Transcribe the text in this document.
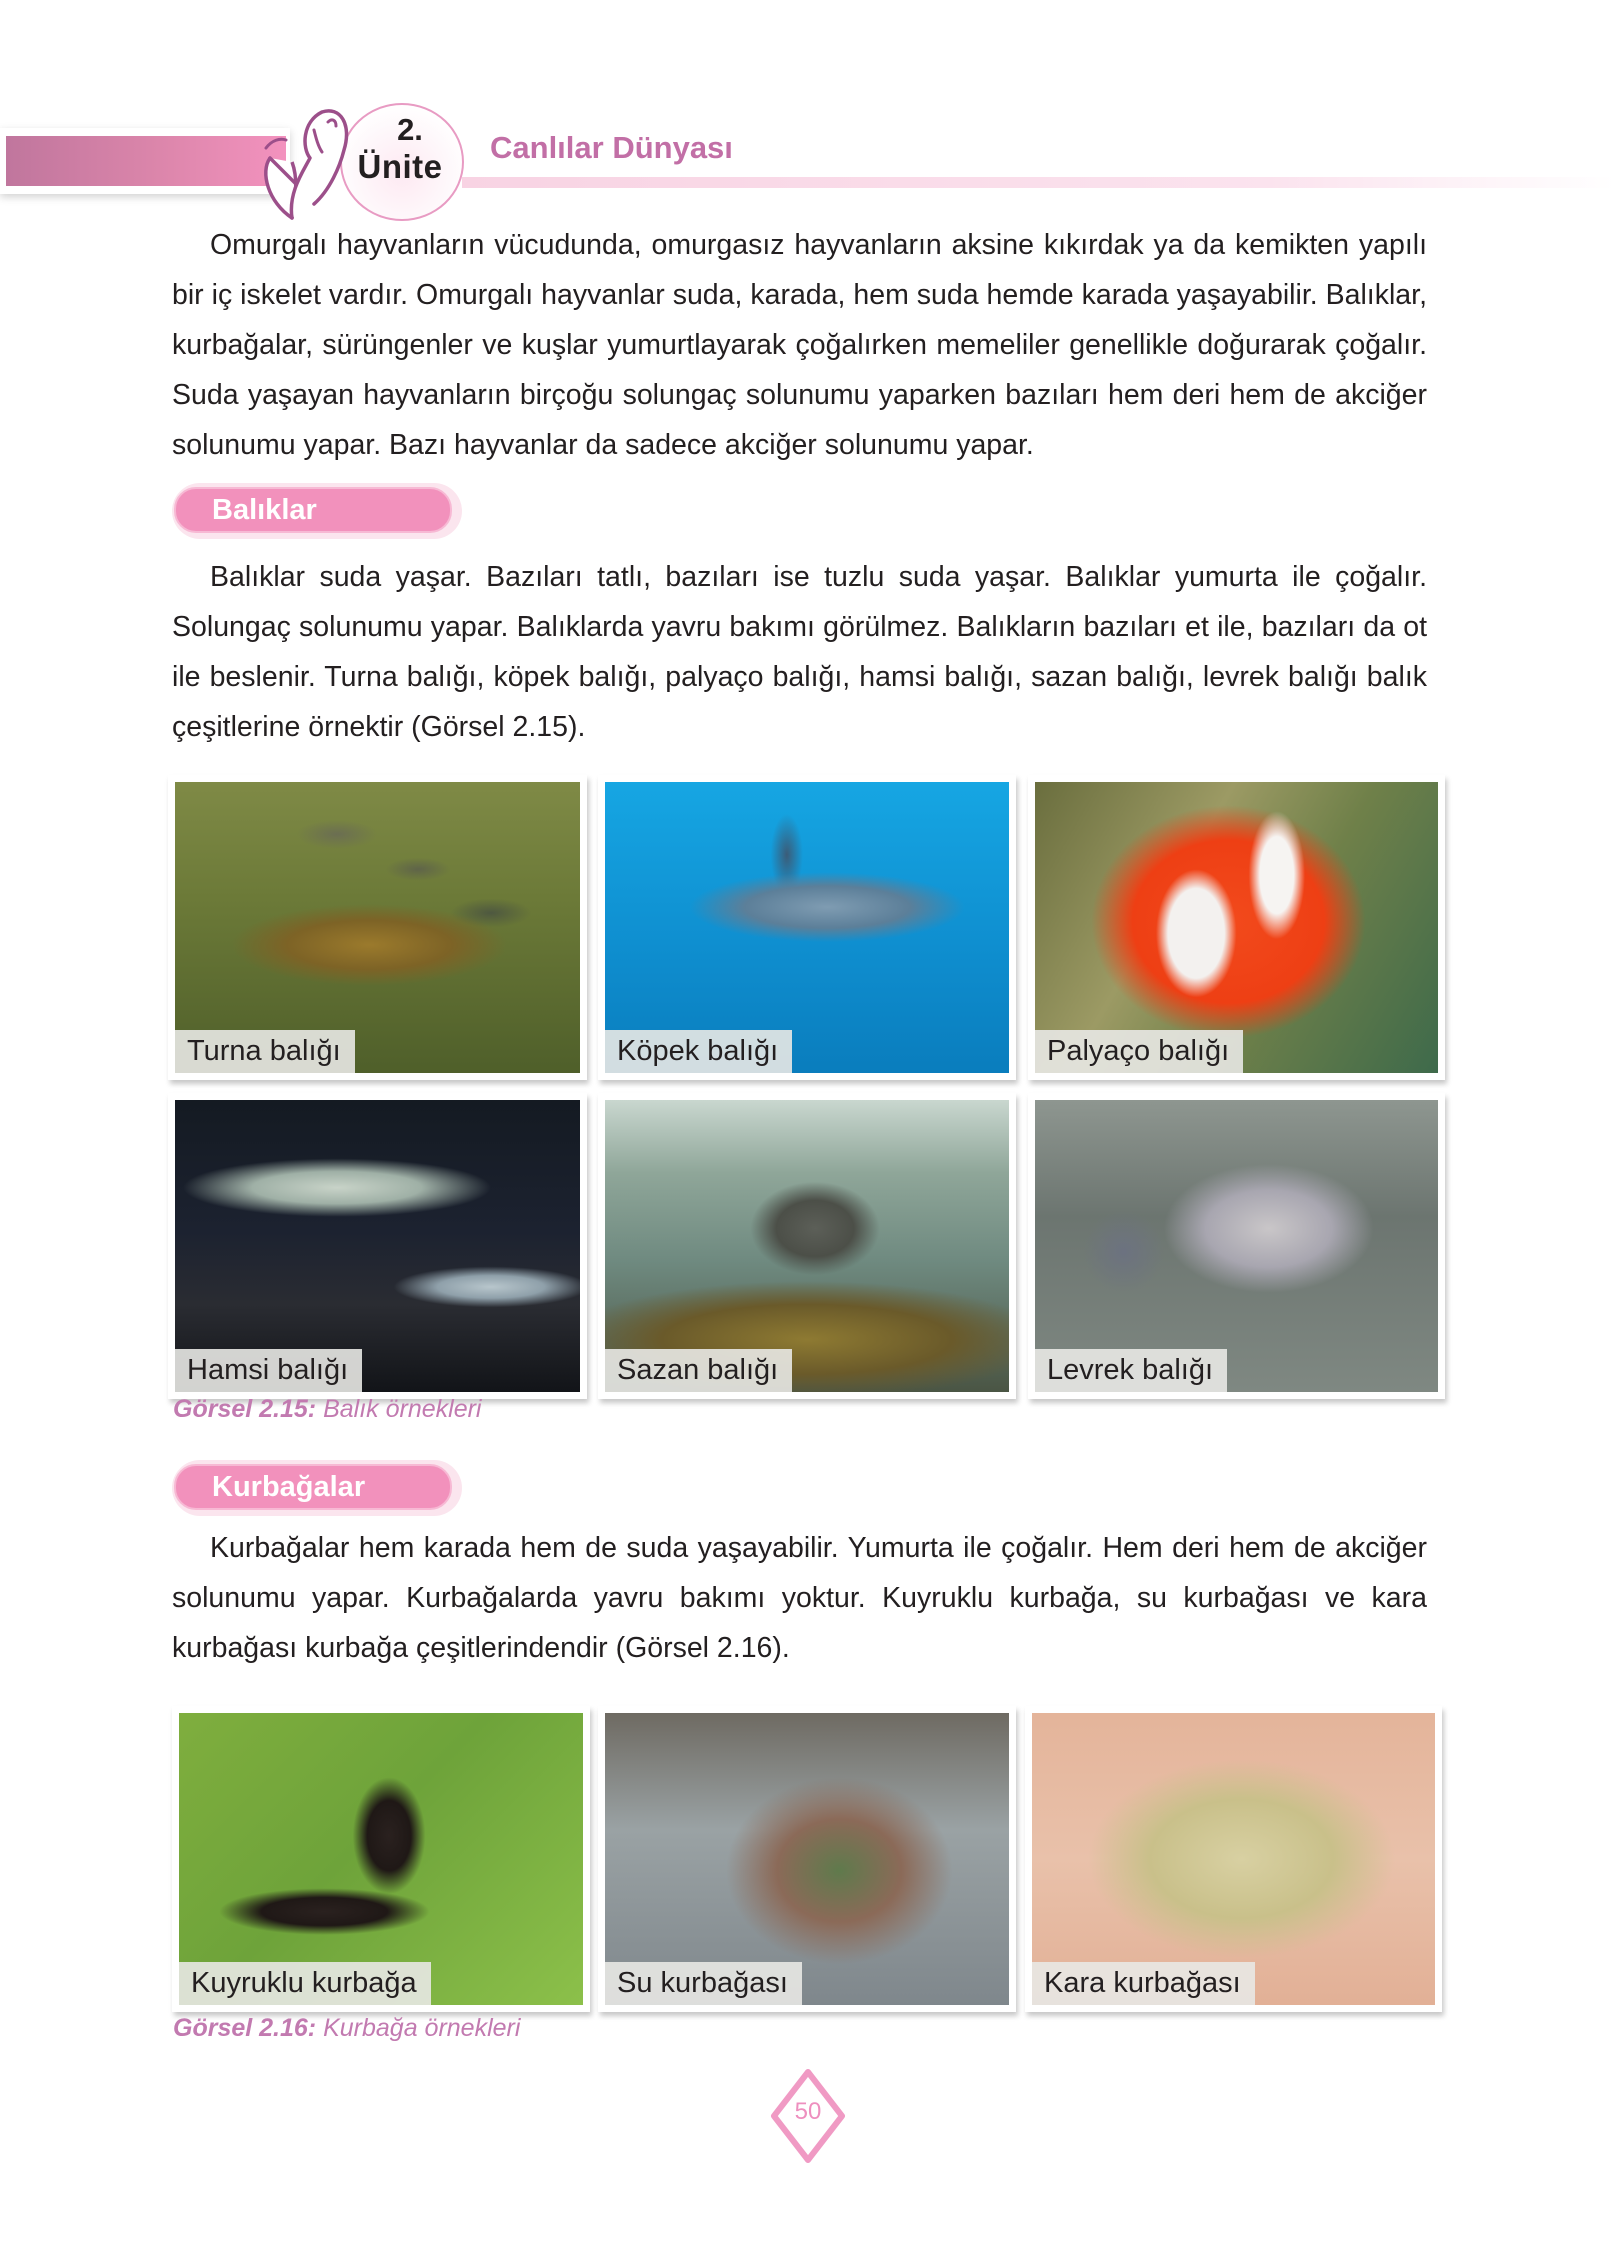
2.
Ünite
Canlılar Dünyası

Omurgalı hayvanların vücudunda, omurgasız hayvanların aksine kıkırdak ya da kemikten yapılı bir iç iskelet vardır. Omurgalı hayvanlar suda, karada, hem suda hemde karada yaşayabilir. Balıklar, kurbağalar, sürüngenler ve kuşlar yumurtlayarak çoğalırken memeliler genellikle doğurarak çoğalır. Suda yaşayan hayvanların birçoğu solungaç solunumu yaparken bazıları hem deri hem de akciğer solunumu yapar. Bazı hayvanlar da sadece akciğer solunumu yapar.

Balıklar

Balıklar suda yaşar. Bazıları tatlı, bazıları ise tuzlu suda yaşar. Balıklar yumurta ile çoğalır. Solungaç solunumu yapar. Balıklarda yavru bakımı görülmez. Balıkların bazıları et ile, bazıları da ot ile beslenir. Turna balığı, köpek balığı, palyaço balığı, hamsi balığı, sazan balığı, levrek balığı balık çeşitlerine örnektir (Görsel 2.15).

Turna balığı	Köpek balığı	Palyaço balığı
Hamsi balığı	Sazan balığı	Levrek balığı
Görsel 2.15: Balık örnekleri
Kurbağalar

Kurbağalar hem karada hem de suda yaşayabilir. Yumurta ile çoğalır. Hem deri hem de akciğer solunumu yapar. Kurbağalarda yavru bakımı yoktur. Kuyruklu kurbağa, su kurbağası ve kara kurbağası kurbağa çeşitlerindendir (Görsel 2.16).

Kuyruklu kurbağa	Su kurbağası	Kara kurbağası
Görsel 2.16: Kurbağa örnekleri
50
